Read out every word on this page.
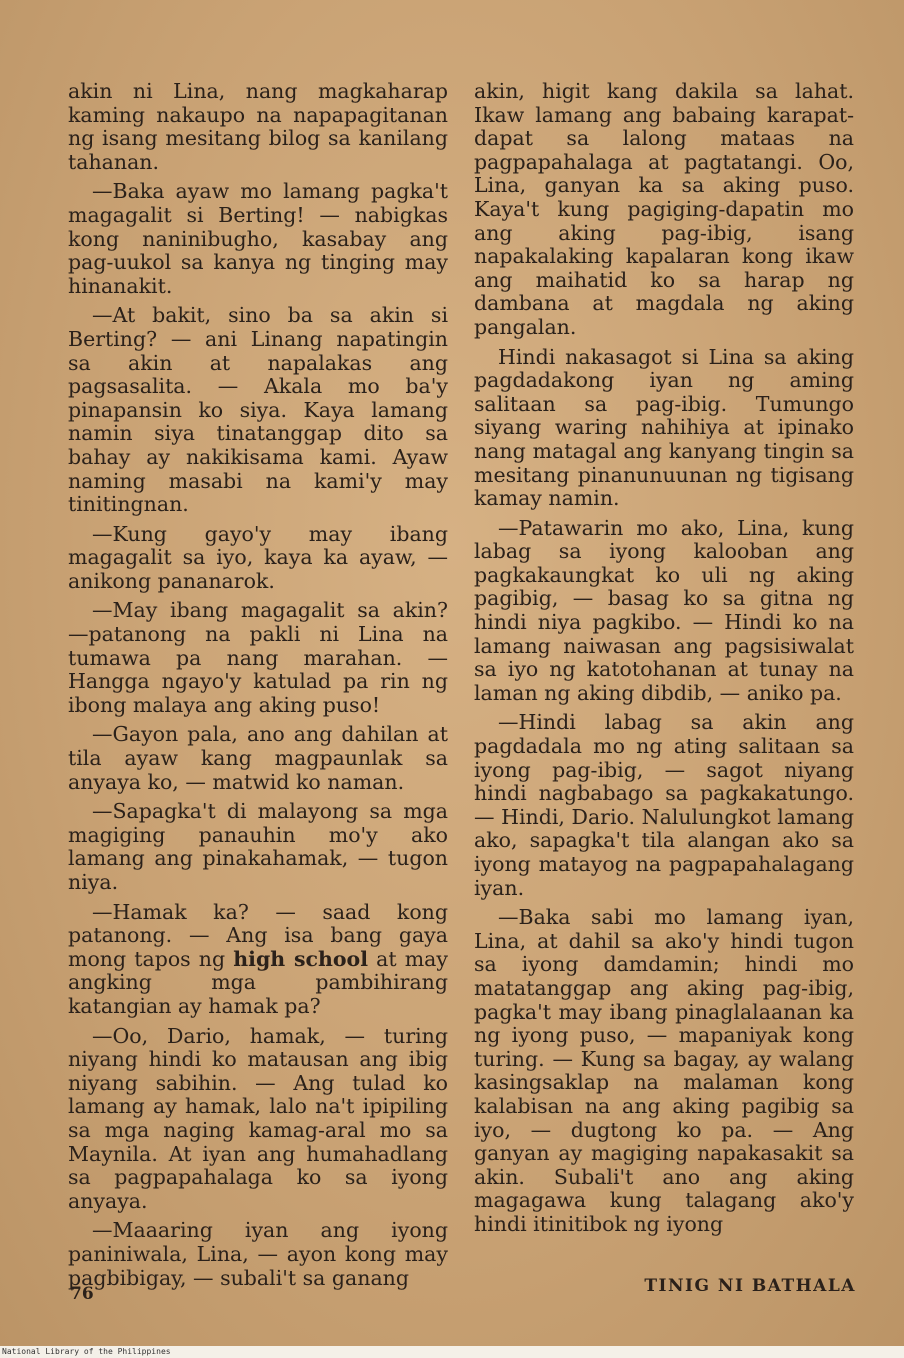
akin ni Lina, nang magkaharap kaming nakaupo na napapagitanan ng isang mesitang bilog sa kanilang tahanan.

—Baka ayaw mo lamang pagka't magagalit si Berting! — nabigkas kong naninibugho, kasabay ang pag-uukol sa kanya ng tinging may hinanakit.

—At bakit, sino ba sa akin si Berting? — ani Linang napatingin sa akin at napalakas ang pagsasalita. — Akala mo ba'y pinapansin ko siya. Kaya lamang namin siya tinatanggap dito sa bahay ay nakikisama kami. Ayaw naming masabi na kami'y may tinitingnan.

—Kung gayo'y may ibang magagalit sa iyo, kaya ka ayaw, — anikong pananarok.

—May ibang magagalit sa akin? —patanong na pakli ni Lina na tumawa pa nang marahan. — Hangga ngayo'y katulad pa rin ng ibong malaya ang aking puso!

—Gayon pala, ano ang dahilan at tila ayaw kang magpaunlak sa anyaya ko, — matwid ko naman.

—Sapagka't di malayong sa mga magiging panauhin mo'y ako lamang ang pinakahamak, — tugon niya.

—Hamak ka? — saad kong patanong. — Ang isa bang gaya mong tapos ng high school at may angking mga pambihirang katangian ay hamak pa?

—Oo, Dario, hamak, — turing niyang hindi ko matausan ang ibig niyang sabihin. — Ang tulad ko lamang ay hamak, lalo na't ipipiling sa mga naging kamag-aral mo sa Maynila. At iyan ang humahadlang sa pagpapahalaga ko sa iyong anyaya.

—Maaaring iyan ang iyong paniniwala, Lina, — ayon kong may pagbibigay, — subali't sa ganang

akin, higit kang dakila sa lahat. Ikaw lamang ang babaing karapat-dapat sa lalong mataas na pagpapahalaga at pagtatangi. Oo, Lina, ganyan ka sa aking puso. Kaya't kung pagiging-dapatin mo ang aking pag-ibig, isang napakalaking kapalaran kong ikaw ang maihatid ko sa harap ng dambana at magdala ng aking pangalan.

Hindi nakasagot si Lina sa aking pagdadakong iyan ng aming salitaan sa pag-ibig. Tumungo siyang waring nahihiya at ipinako nang matagal ang kanyang tingin sa mesitang pinanunuunan ng tigisang kamay namin.

—Patawarin mo ako, Lina, kung labag sa iyong kalooban ang pagkakaungkat ko uli ng aking pagibig, — basag ko sa gitna ng hindi niya pagkibo. — Hindi ko na lamang naiwasan ang pagsisiwalat sa iyo ng katotohanan at tunay na laman ng aking dibdib, — aniko pa.

—Hindi labag sa akin ang pagdadala mo ng ating salitaan sa iyong pag-ibig, — sagot niyang hindi nagbabago sa pagkakatungo. — Hindi, Dario. Nalulungkot lamang ako, sapagka't tila alangan ako sa iyong matayog na pagpapahalagang iyan.

—Baka sabi mo lamang iyan, Lina, at dahil sa ako'y hindi tugon sa iyong damdamin; hindi mo matatanggap ang aking pag-ibig, pagka't may ibang pinaglalaanan ka ng iyong puso, — mapaniyak kong turing. — Kung sa bagay, ay walang kasingsaklap na malaman kong kalabisan na ang aking pagibig sa iyo, — dugtong ko pa. — Ang ganyan ay magiging napakasakit sa akin. Subali't ano ang aking magagawa kung talagang ako'y hindi itinitibok ng iyong

76	TINIG NI BATHALA
National Library of the Philippines
